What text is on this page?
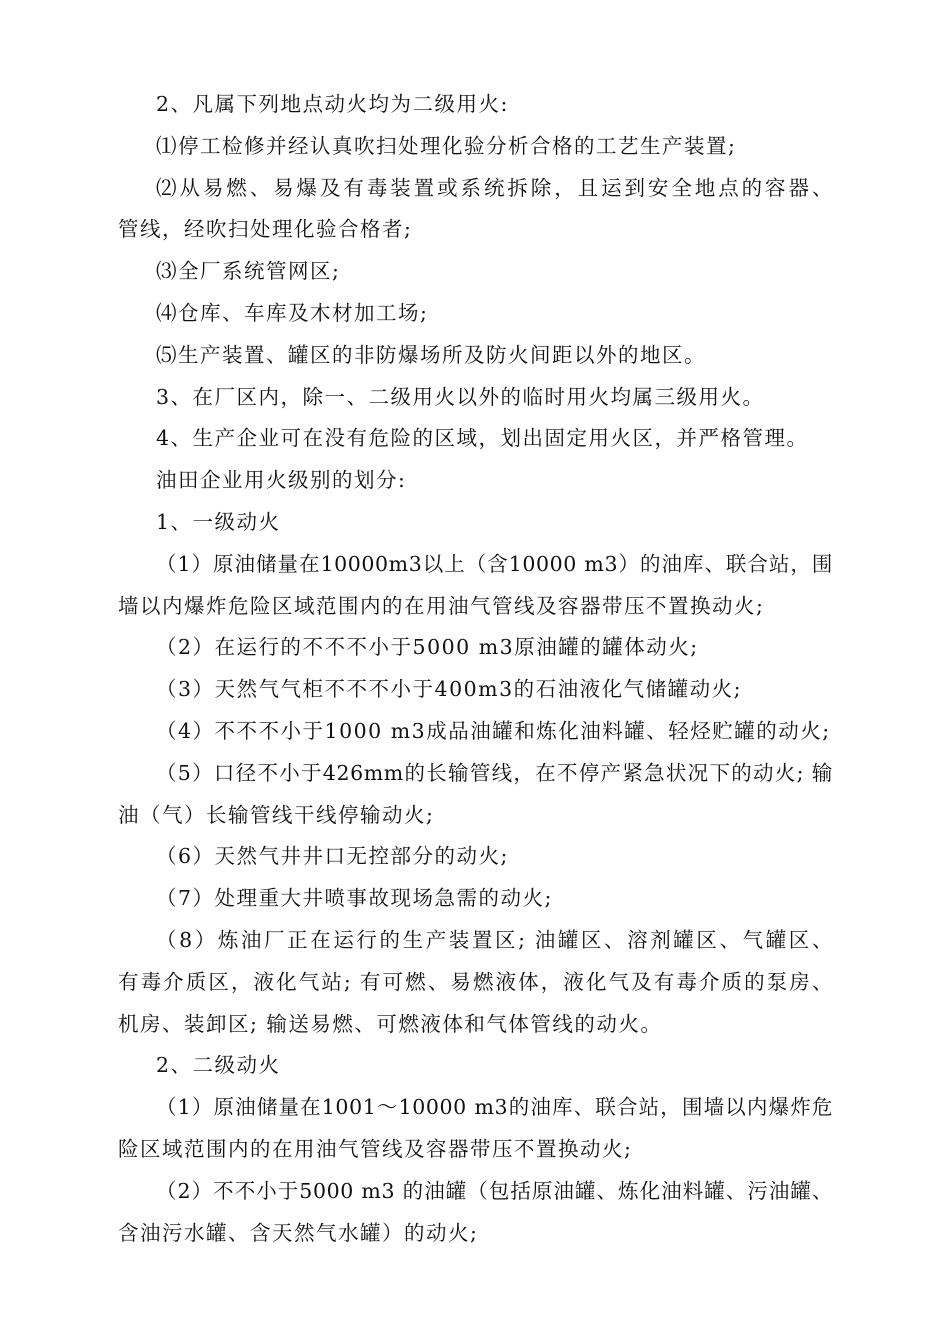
2、凡属下列地点动火均为二级用火:
⑴停工检修并经认真吹扫处理化验分析合格的工艺生产装置;
⑵从易燃、易爆及有毒装置或系统拆除，且运到安全地点的容器、
管线，经吹扫处理化验合格者;
⑶全厂系统管网区;
⑷仓库、车库及木材加工场;
⑸生产装置、罐区的非防爆场所及防火间距以外的地区。
3、在厂区内，除一、二级用火以外的临时用火均属三级用火。
4、生产企业可在没有危险的区域，划出固定用火区，并严格管理。
油田企业用火级别的划分:
1、一级动火
（1）原油储量在10000m3以上（含10000 m3）的油库、联合站，围
墙以内爆炸危险区域范围内的在用油气管线及容器带压不置换动火;
（2）在运行的不不不小于5000 m3原油罐的罐体动火;
（3）天然气气柜不不不小于400m3的石油液化气储罐动火;
（4）不不不小于1000 m3成品油罐和炼化油料罐、轻烃贮罐的动火;
（5）口径不小于426mm的长输管线，在不停产紧急状况下的动火; 输
油（气）长输管线干线停输动火;
（6）天然气井井口无控部分的动火;
（7）处理重大井喷事故现场急需的动火;
（8）炼油厂正在运行的生产装置区; 油罐区、溶剂罐区、气罐区、
有毒介质区，液化气站; 有可燃、易燃液体，液化气及有毒介质的泵房、
机房、装卸区; 输送易燃、可燃液体和气体管线的动火。
2、二级动火
（1）原油储量在1001～10000 m3的油库、联合站，围墙以内爆炸危
险区域范围内的在用油气管线及容器带压不置换动火;
（2）不不小于5000 m3 的油罐（包括原油罐、炼化油料罐、污油罐、
含油污水罐、含天然气水罐）的动火;
